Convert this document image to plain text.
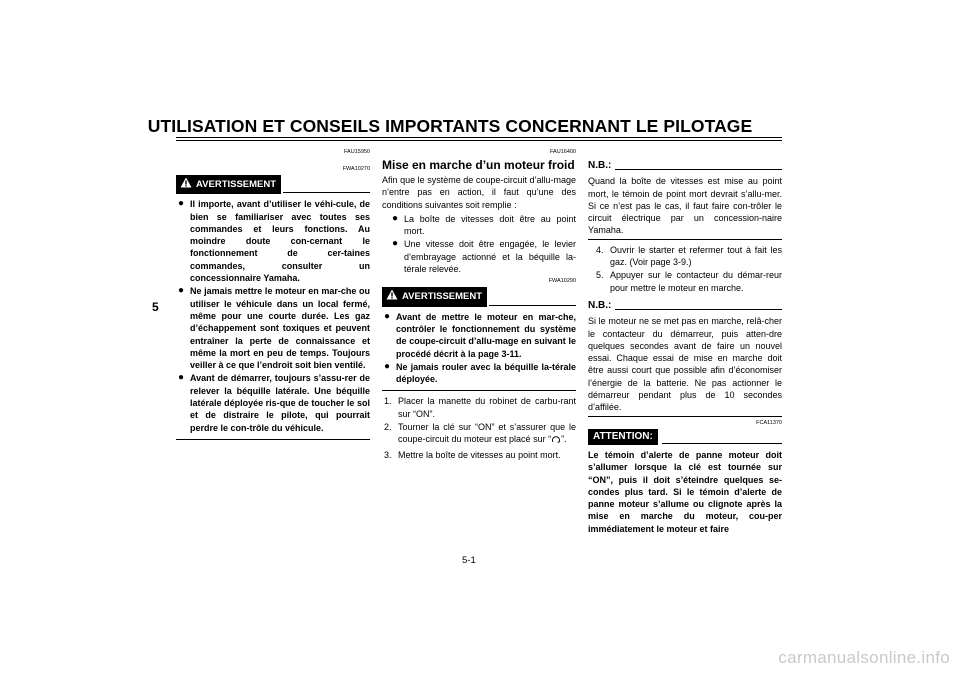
UTILISATION ET CONSEILS IMPORTANTS CONCERNANT LE PILOTAGE
5
FAU15950
FWA10270
AVERTISSEMENT
● Il importe, avant d’utiliser le véhi-cule, de bien se familiariser avec toutes ses commandes et leurs fonctions. Au moindre doute con-cernant le fonctionnement de cer-taines commandes, consulter un concessionnaire Yamaha.
● Ne jamais mettre le moteur en mar-che ou utiliser le véhicule dans un local fermé, même pour une courte durée. Les gaz d’échappement sont toxiques et peuvent entraîner la perte de connaissance et même la mort en peu de temps. Toujours veiller à ce que l’endroit soit bien ventilé.
● Avant de démarrer, toujours s’assu-rer de relever la béquille latérale. Une béquille latérale déployée ris-que de toucher le sol et de distraire le pilote, qui pourrait perdre le con-trôle du véhicule.
FAU16400
Mise en marche d’un moteur froid
Afin que le système de coupe-circuit d’allu-mage n’entre pas en action, il faut qu’une des conditions suivantes soit remplie :
● La boîte de vitesses doit être au point mort.
● Une vitesse doit être engagée, le levier d’embrayage actionné et la béquille la-térale relevée.
FWA10290
AVERTISSEMENT
● Avant de mettre le moteur en mar-che, contrôler le fonctionnement du système de coupe-circuit d’allu-mage en suivant le procédé décrit à la page 3-11.
● Ne jamais rouler avec la béquille la-térale déployée.
1. Placer la manette du robinet de carbu-rant sur “ON”.
2. Tourner la clé sur “ON” et s’assurer que le coupe-circuit du moteur est placé sur “ ”.
3. Mettre la boîte de vitesses au point mort.
N.B.:
Quand la boîte de vitesses est mise au point mort, le témoin de point mort devrait s’allu-mer. Si ce n’est pas le cas, il faut faire con-trôler le circuit électrique par un concession-naire Yamaha.
4. Ouvrir le starter et refermer tout à fait les gaz. (Voir page 3-9.)
5. Appuyer sur le contacteur du démar-reur pour mettre le moteur en marche.
N.B.:
Si le moteur ne se met pas en marche, relâ-cher le contacteur du démarreur, puis atten-dre quelques secondes avant de faire un nouvel essai. Chaque essai de mise en marche doit être aussi court que possible afin d’économiser l’énergie de la batterie. Ne pas actionner le démarreur pendant plus de 10 secondes d’affilée.
FCA11370
ATTENTION:
Le témoin d’alerte de panne moteur doit s’allumer lorsque la clé est tournée sur “ON”, puis il doit s’éteindre quelques se-condes plus tard. Si le témoin d’alerte de panne moteur s’allume ou clignote après la mise en marche du moteur, cou-per immédiatement le moteur et faire
5-1
carmanualsonline.info
